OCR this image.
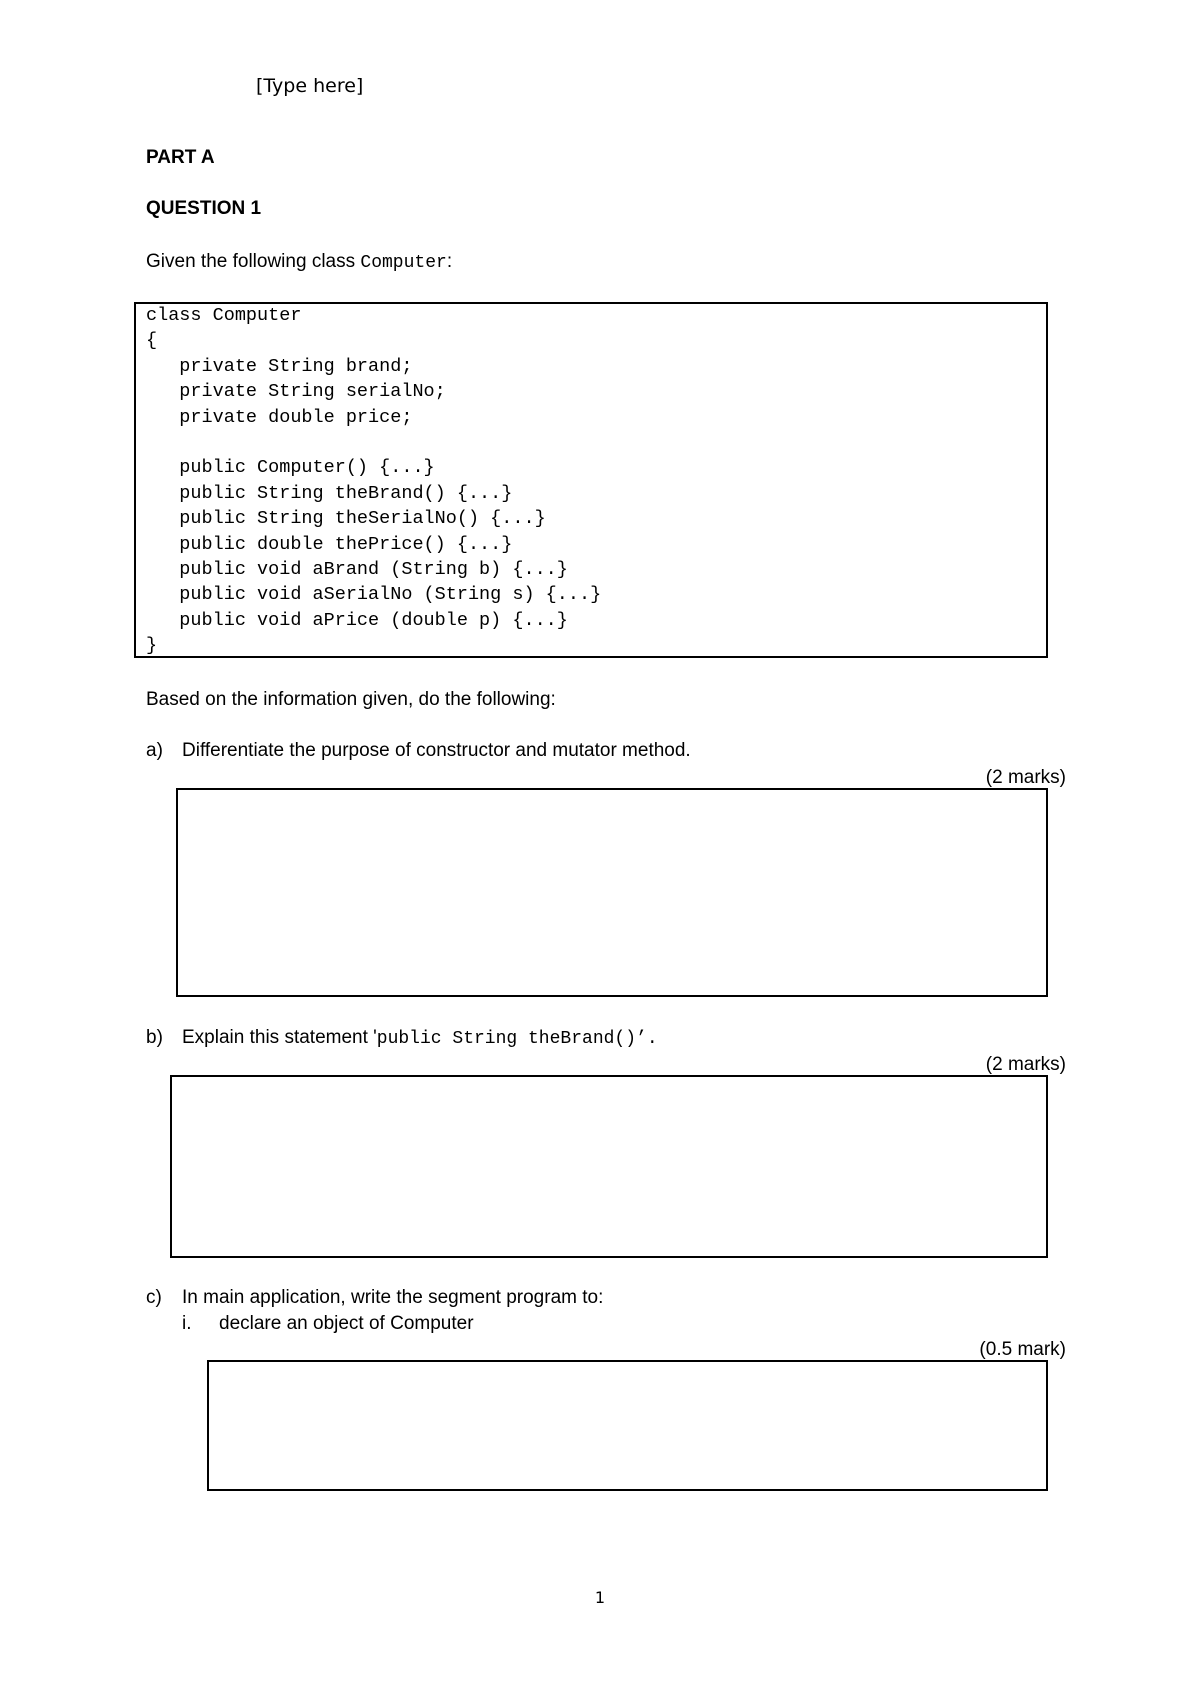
[Type here]
PART A
QUESTION 1
Given the following class Computer:
class Computer
{
private String brand;
private String serialNo;
private double price;
public Computer() {...}
public String theBrand() {...}
public String theSerialNo() {...}
public double thePrice() {...}
public void aBrand (String b) {...}
public void aSerialNo (String s) {...}
public void aPrice (double p) {...}
}
Based on the information given, do the following:
a) Differentiate the purpose of constructor and mutator method.
(2 marks)
b) Explain this statement 'public String theBrand()’.
(2 marks)
c) In main application, write the segment program to:
i. declare an object of Computer
(0.5 mark)
1
